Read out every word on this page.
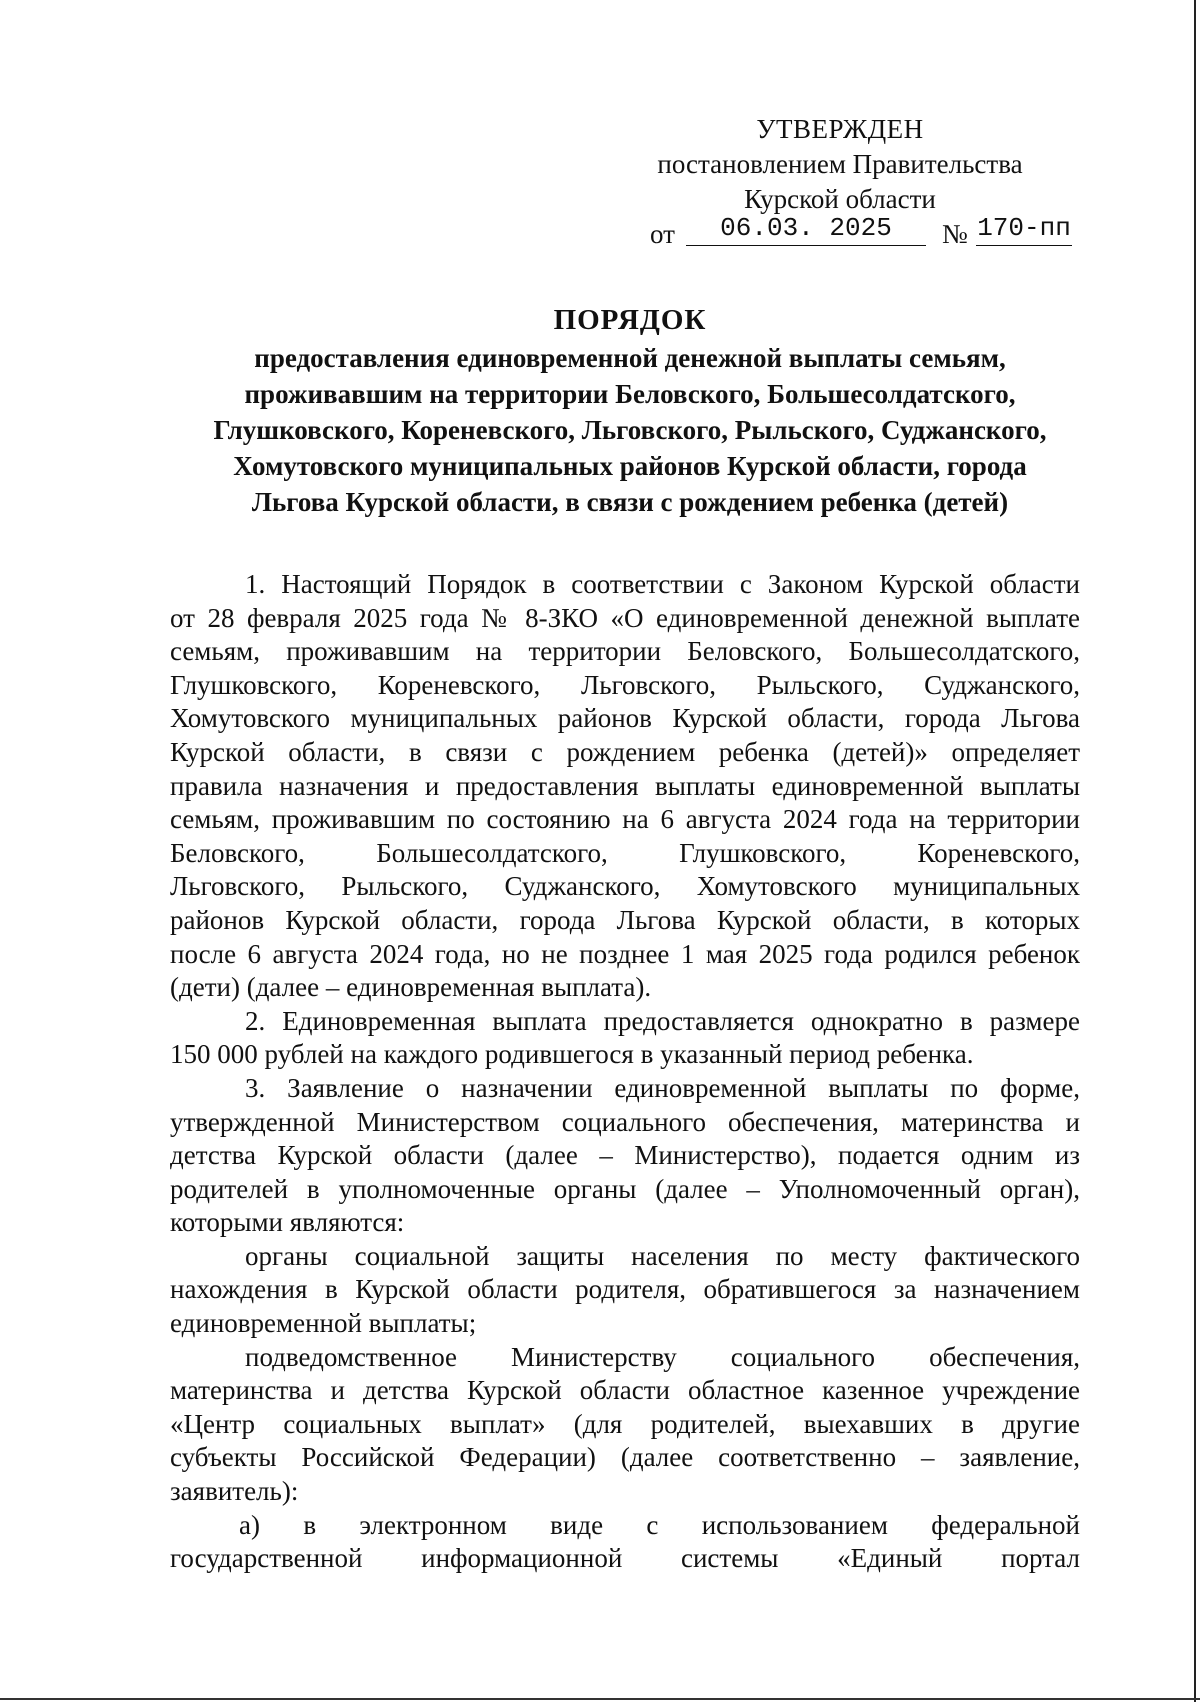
УТВЕРЖДЕН
постановлением Правительства
Курской области
от	06.03. 2025	№ 170-пп
ПОРЯДОК
предоставления единовременной денежной выплаты семьям,
проживавшим на территории Беловского, Большесолдатского,
Глушковского, Кореневского, Льговского, Рыльского, Суджанского,
Хомутовского муниципальных районов Курской области, города
Льгова Курской области, в связи с рождением ребенка (детей)
1. Настоящий Порядок в соответствии с Законом Курской области
от 28 февраля 2025 года № 8-ЗКО «О единовременной денежной выплате
семьям, проживавшим на территории Беловского, Большесолдатского,
Глушковского, Кореневского, Льговского, Рыльского, Суджанского,
Хомутовского муниципальных районов Курской области, города Льгова
Курской области, в связи с рождением ребенка (детей)» определяет
правила назначения и предоставления выплаты единовременной выплаты
семьям, проживавшим по состоянию на 6 августа 2024 года на территории
Беловского, Большесолдатского, Глушковского, Кореневского,
Льговского, Рыльского, Суджанского, Хомутовского муниципальных
районов Курской области, города Льгова Курской области, в которых
после 6 августа 2024 года, но не позднее 1 мая 2025 года родился ребенок
(дети) (далее – единовременная выплата).
2. Единовременная выплата предоставляется однократно в размере
150 000 рублей на каждого родившегося в указанный период ребенка.
3. Заявление о назначении единовременной выплаты по форме,
утвержденной Министерством социального обеспечения, материнства и
детства Курской области (далее – Министерство), подается одним из
родителей в уполномоченные органы (далее – Уполномоченный орган),
которыми являются:
органы социальной защиты населения по месту фактического
нахождения в Курской области родителя, обратившегося за назначением
единовременной выплаты;
подведомственное Министерству социального обеспечения,
материнства и детства Курской области областное казенное учреждение
«Центр социальных выплат» (для родителей, выехавших в другие
субъекты Российской Федерации) (далее соответственно – заявление,
заявитель):
а) в электронном виде с использованием федеральной
государственной информационной системы «Единый портал
